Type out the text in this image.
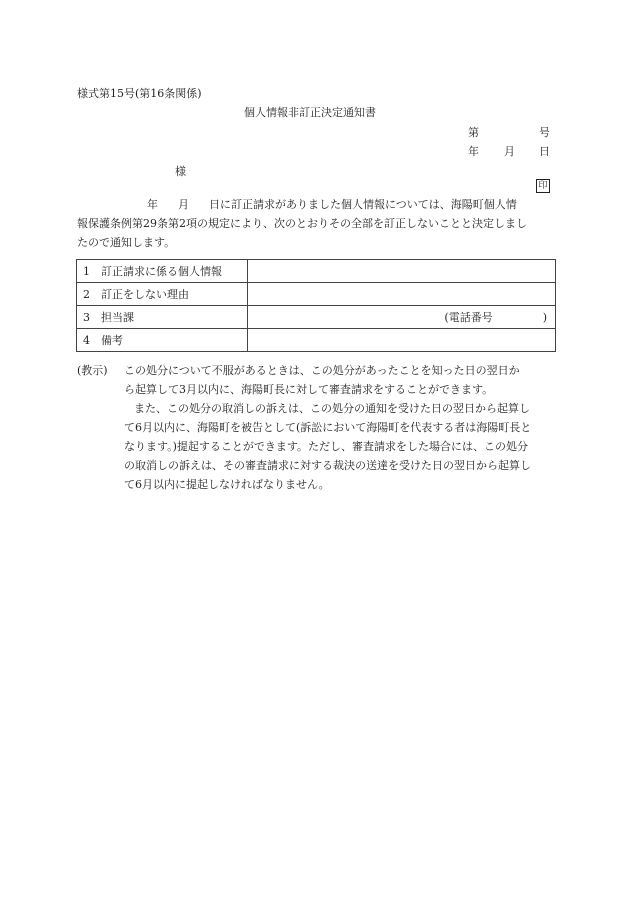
様式第15号(第16条関係)
個人情報非訂正決定通知書
第	号
年 月 日
様
印
年 月 日に訂正請求がありました個人情報については、海陽町個人情
報保護条例第29条第2項の規定により、次のとおりその全部を訂正しないことと決定しまし
たので通知します。
1 訂正請求に係る個人情報	
2 訂正をしない理由	
3 担当課	(電話番号 )

4 備考	
(教示) この処分について不服があるときは、この処分があったことを知った日の翌日か
ら起算して3月以内に、海陽町長に対して審査請求をすることができます。
また、この処分の取消しの訴えは、この処分の通知を受けた日の翌日から起算し
て6月以内に、海陽町を被告として(訴訟において海陽町を代表する者は海陽町長と
なります。)提起することができます。ただし、審査請求をした場合には、この処分
の取消しの訴えは、その審査請求に対する裁決の送達を受けた日の翌日から起算し
て6月以内に提起しなければなりません。
